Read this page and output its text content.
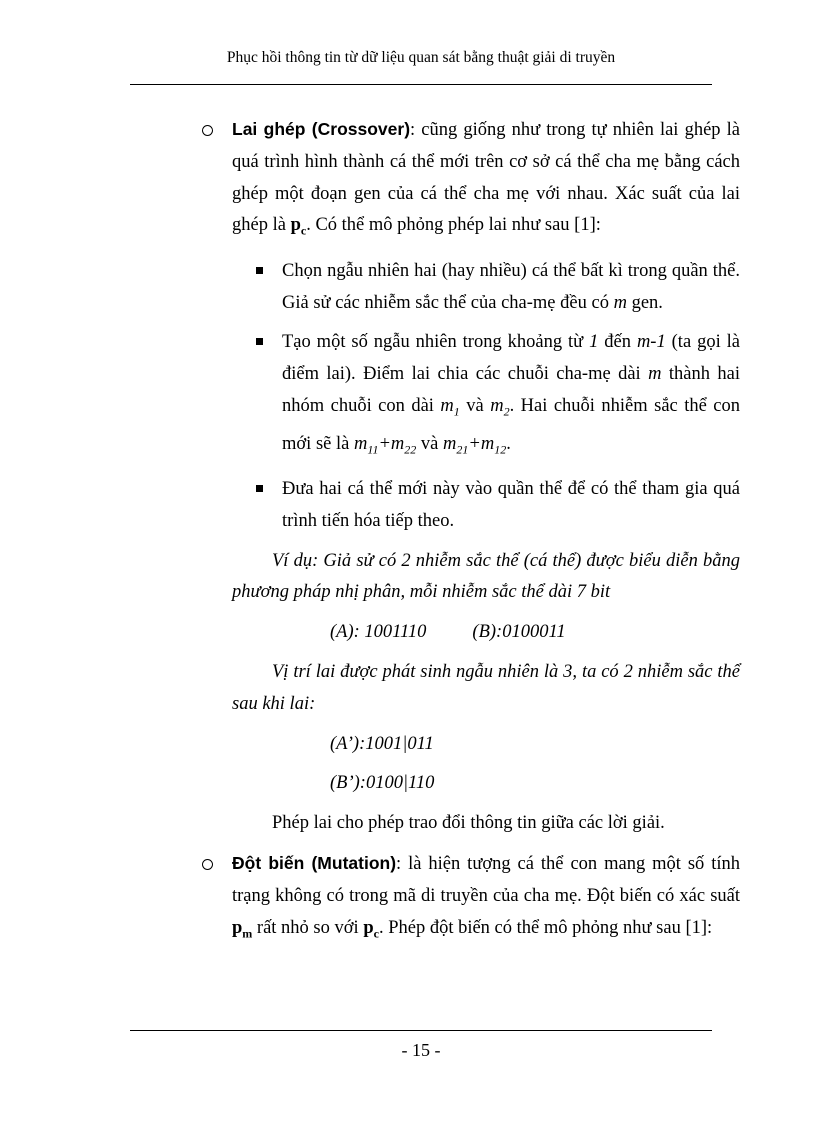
Phục hồi thông tin từ dữ liệu quan sát bằng thuật giải di truyền
Lai ghép (Crossover): cũng giống như trong tự nhiên lai ghép là quá trình hình thành cá thể mới trên cơ sở cá thể cha mẹ bằng cách ghép một đoạn gen của cá thể cha mẹ với nhau. Xác suất của lai ghép là $p_c$. Có thể mô phỏng phép lai như sau [1]:
Chọn ngẫu nhiên hai (hay nhiều) cá thể bất kì trong quần thể. Giả sử các nhiễm sắc thể của cha-mẹ đều có m gen.
Tạo một số ngẫu nhiên trong khoảng từ 1 đến m-1 (ta gọi là điểm lai). Điểm lai chia các chuỗi cha-mẹ dài m thành hai nhóm chuỗi con dài $m_1$ và $m_2$. Hai chuỗi nhiễm sắc thể con mới sẽ là $m_{11}+m_{22}$ và $m_{21}+m_{12}$.
Đưa hai cá thể mới này vào quần thể để có thể tham gia quá trình tiến hóa tiếp theo.
Ví dụ: Giả sử có 2 nhiễm sắc thể (cá thể) được biểu diễn bằng phương pháp nhị phân, mỗi nhiễm sắc thể dài 7 bit
(A): 1001110 (B):0100011
Vị trí lai được phát sinh ngẫu nhiên là 3, ta có 2 nhiễm sắc thể sau khi lai:
(A’):1001|011
(B’):0100|110
Phép lai cho phép trao đổi thông tin giữa các lời giải.
Đột biến (Mutation): là hiện tượng cá thể con mang một số tính trạng không có trong mã di truyền của cha mẹ. Đột biến có xác suất $p_m$ rất nhỏ so với $p_c$. Phép đột biến có thể mô phỏng như sau [1]:
- 15 -
